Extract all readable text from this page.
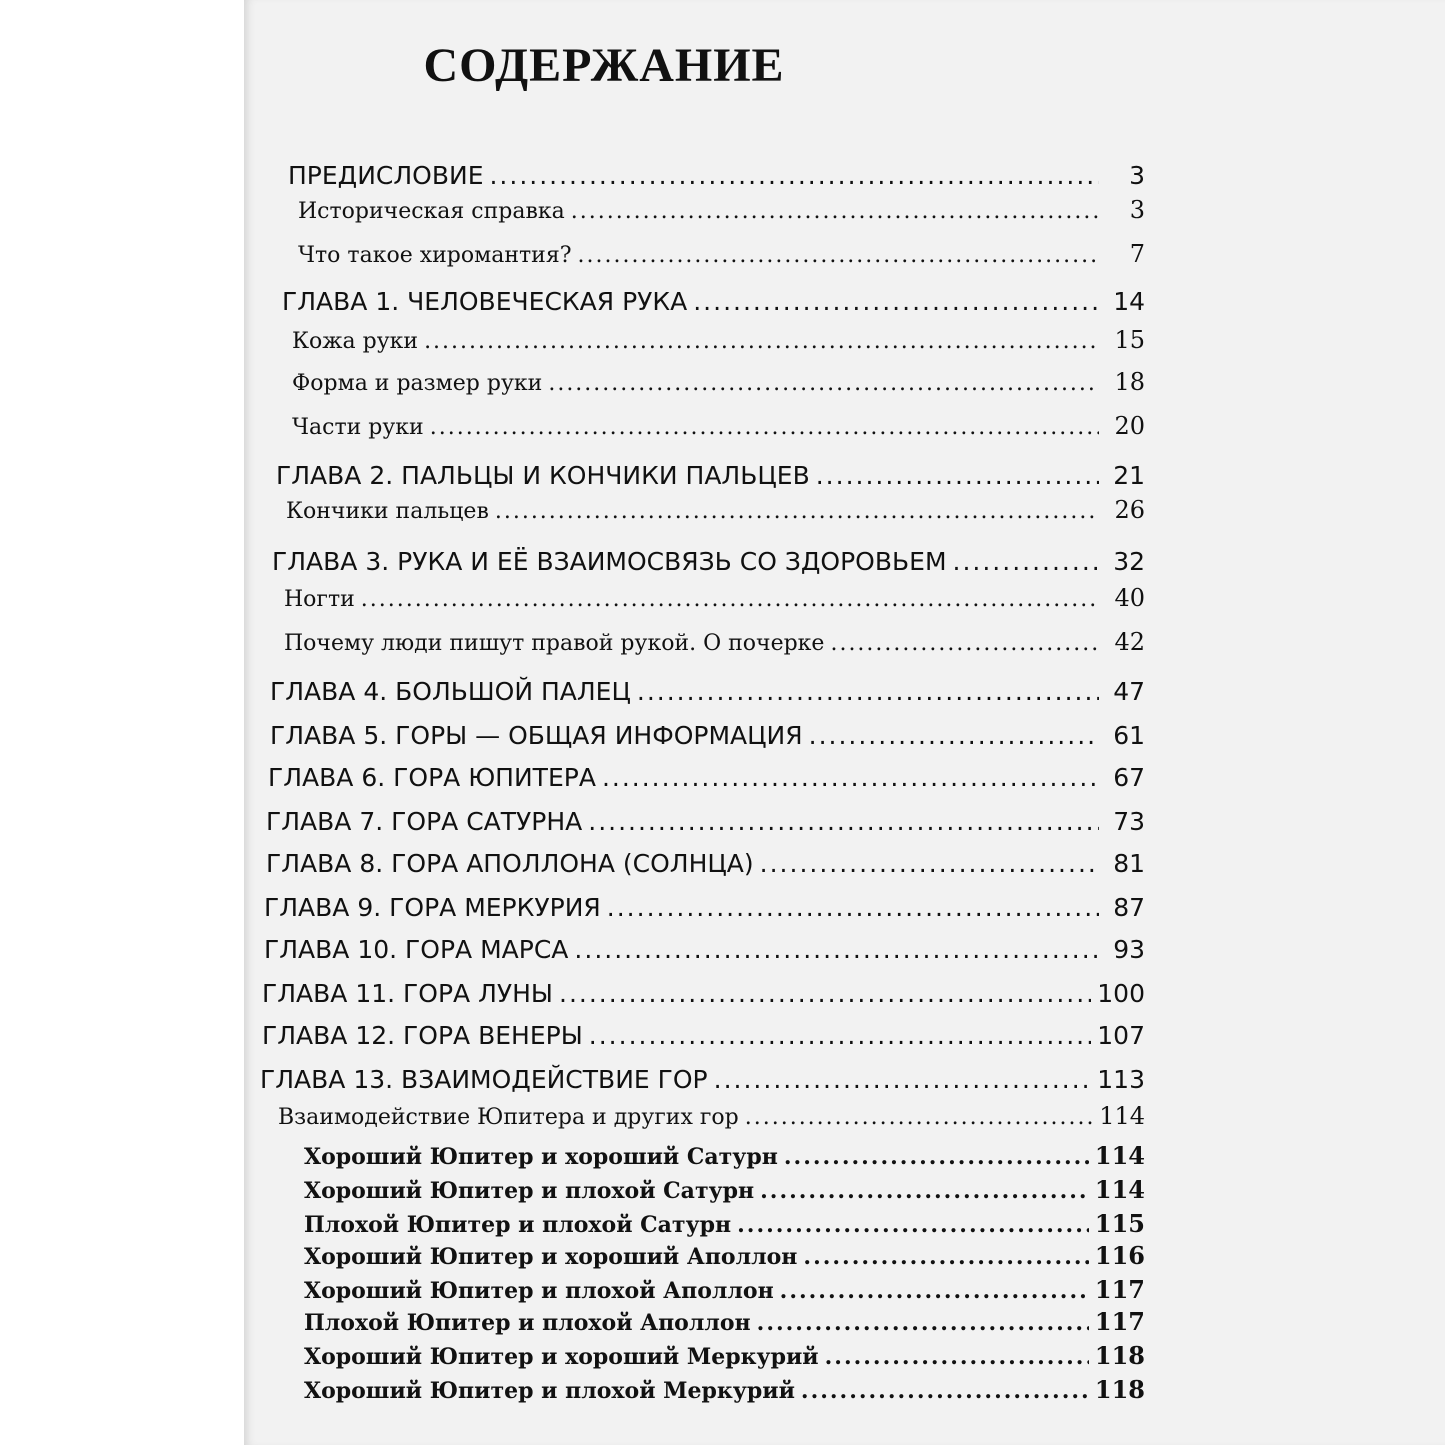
СОДЕРЖАНИЕ
ПРЕДИСЛОВИЕ .....	3
Историческая справка .....	3
Что такое хиромантия? .....	7
ГЛАВА 1. ЧЕЛОВЕЧЕСКАЯ РУКА .....	14
Кожа руки .....	15
Форма и размер руки .....	18
Части руки .....	20
ГЛАВА 2. ПАЛЬЦЫ И КОНЧИКИ ПАЛЬЦЕВ .....	21
Кончики пальцев .....	26
ГЛАВА 3. РУКА И ЕЁ ВЗАИМОСВЯЗЬ СО ЗДОРОВЬЕМ .....	32
Ногти .....	40
Почему люди пишут правой рукой. О почерке .....	42
ГЛАВА 4. БОЛЬШОЙ ПАЛЕЦ .....	47
ГЛАВА 5. ГОРЫ — ОБЩАЯ ИНФОРМАЦИЯ .....	61
ГЛАВА 6. ГОРА ЮПИТЕРА .....	67
ГЛАВА 7. ГОРА САТУРНА .....	73
ГЛАВА 8. ГОРА АПОЛЛОНА (СОЛНЦА) .....	81
ГЛАВА 9. ГОРА МЕРКУРИЯ .....	87
ГЛАВА 10. ГОРА МАРСА .....	93
ГЛАВА 11. ГОРА ЛУНЫ .....	100
ГЛАВА 12. ГОРА ВЕНЕРЫ .....	107
ГЛАВА 13. ВЗАИМОДЕЙСТВИЕ ГОР .....	113
Взаимодействие Юпитера и других гор .....	114
Хороший Юпитер и хороший Сатурн .....	114
Хороший Юпитер и плохой Сатурн .....	114
Плохой Юпитер и плохой Сатурн .....	115
Хороший Юпитер и хороший Аполлон .....	116
Хороший Юпитер и плохой Аполлон .....	117
Плохой Юпитер и плохой Аполлон .....	117
Хороший Юпитер и хороший Меркурий .....	118
Хороший Юпитер и плохой Меркурий .....	118
